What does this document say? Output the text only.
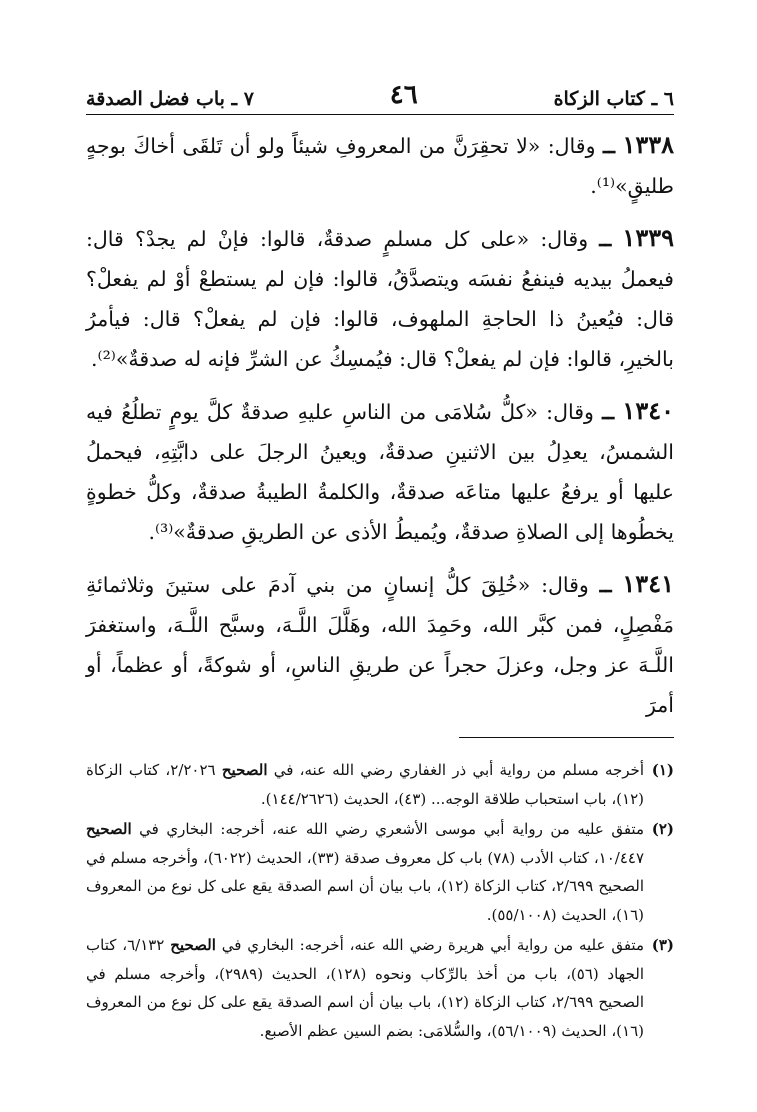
٦ ـ كتاب الزكاة
٤٦
٧ ـ باب فضل الصدقة

١٣٣٨ ــ وقال: «لا تحقِرَنَّ من المعروفِ شيئاً ولو أن تَلقَى أخاكَ بوجهٍ طليقٍ»⁽¹⁾.

١٣٣٩ ــ وقال: «على كل مسلمٍ صدقةٌ، قالوا: فإنْ لم يجدْ؟ قال: فيعملُ بيديه فينفعُ نفسَه ويتصدَّقُ، قالوا: فإن لم يستطعْ أوْ لم يفعلْ؟ قال: فيُعينُ ذا الحاجةِ الملهوف، قالوا: فإن لم يفعلْ؟ قال: فيأمرُ بالخيرِ، قالوا: فإن لم يفعلْ؟ قال: فيُمسِكُ عن الشرِّ فإنه له صدقةٌ»⁽²⁾.

١٣٤٠ ــ وقال: «كلُّ سُلامَى من الناسِ عليهِ صدقةٌ كلَّ يومٍ تطلُعُ فيه الشمسُ، يعدِلُ بين الاثنينِ صدقةٌ، ويعينُ الرجلَ على دابَّتِهِ، فيحملُ عليها أو يرفعُ عليها متاعَه صدقةٌ، والكلمةُ الطيبةُ صدقةٌ، وكلُّ خطوةٍ يخطُوها إلى الصلاةِ صدقةٌ، ويُميطُ الأذى عن الطريقِ صدقةٌ»⁽³⁾.

١٣٤١ ــ وقال: «خُلِقَ كلُّ إنسانٍ من بني آدمَ على ستينَ وثلاثمائةِ مَفْصِلٍ، فمن كبَّر الله، وحَمِدَ الله، وهَلَّلَ اللَّـهَ، وسبَّح اللَّـهَ، واستغفرَ اللَّـهَ عز وجل، وعزلَ حجراً عن طريقِ الناسِ، أو شوكةً، أو عظماً، أو أمرَ

(١)
أخرجه مسلم من رواية أبي ذر الغفاري رضي الله عنه، في الصحيح ٢/٢٠٢٦، كتاب الزكاة (١٢)، باب استحباب طلاقة الوجه... (٤٣)، الحديث (١٤٤/٢٦٢٦).
(٢)
متفق عليه من رواية أبي موسى الأشعري رضي الله عنه، أخرجه: البخاري في الصحيح ١٠/٤٤٧، كتاب الأدب (٧٨) باب كل معروف صدقة (٣٣)، الحديث (٦٠٢٢)، وأخرجه مسلم في الصحيح ٢/٦٩٩، كتاب الزكاة (١٢)، باب بيان أن اسم الصدقة يقع على كل نوع من المعروف (١٦)، الحديث (٥٥/١٠٠٨).
(٣)
متفق عليه من رواية أبي هريرة رضي الله عنه، أخرجه: البخاري في الصحيح ٦/١٣٢، كتاب الجهاد (٥٦)، باب من أخذ بالرِّكاب ونحوه (١٢٨)، الحديث (٢٩٨٩)، وأخرجه مسلم في الصحيح ٢/٦٩٩، كتاب الزكاة (١٢)، باب بيان أن اسم الصدقة يقع على كل نوع من المعروف (١٦)، الحديث (٥٦/١٠٠٩)، والسُّلامَى: بضم السين عظم الأصبع.
